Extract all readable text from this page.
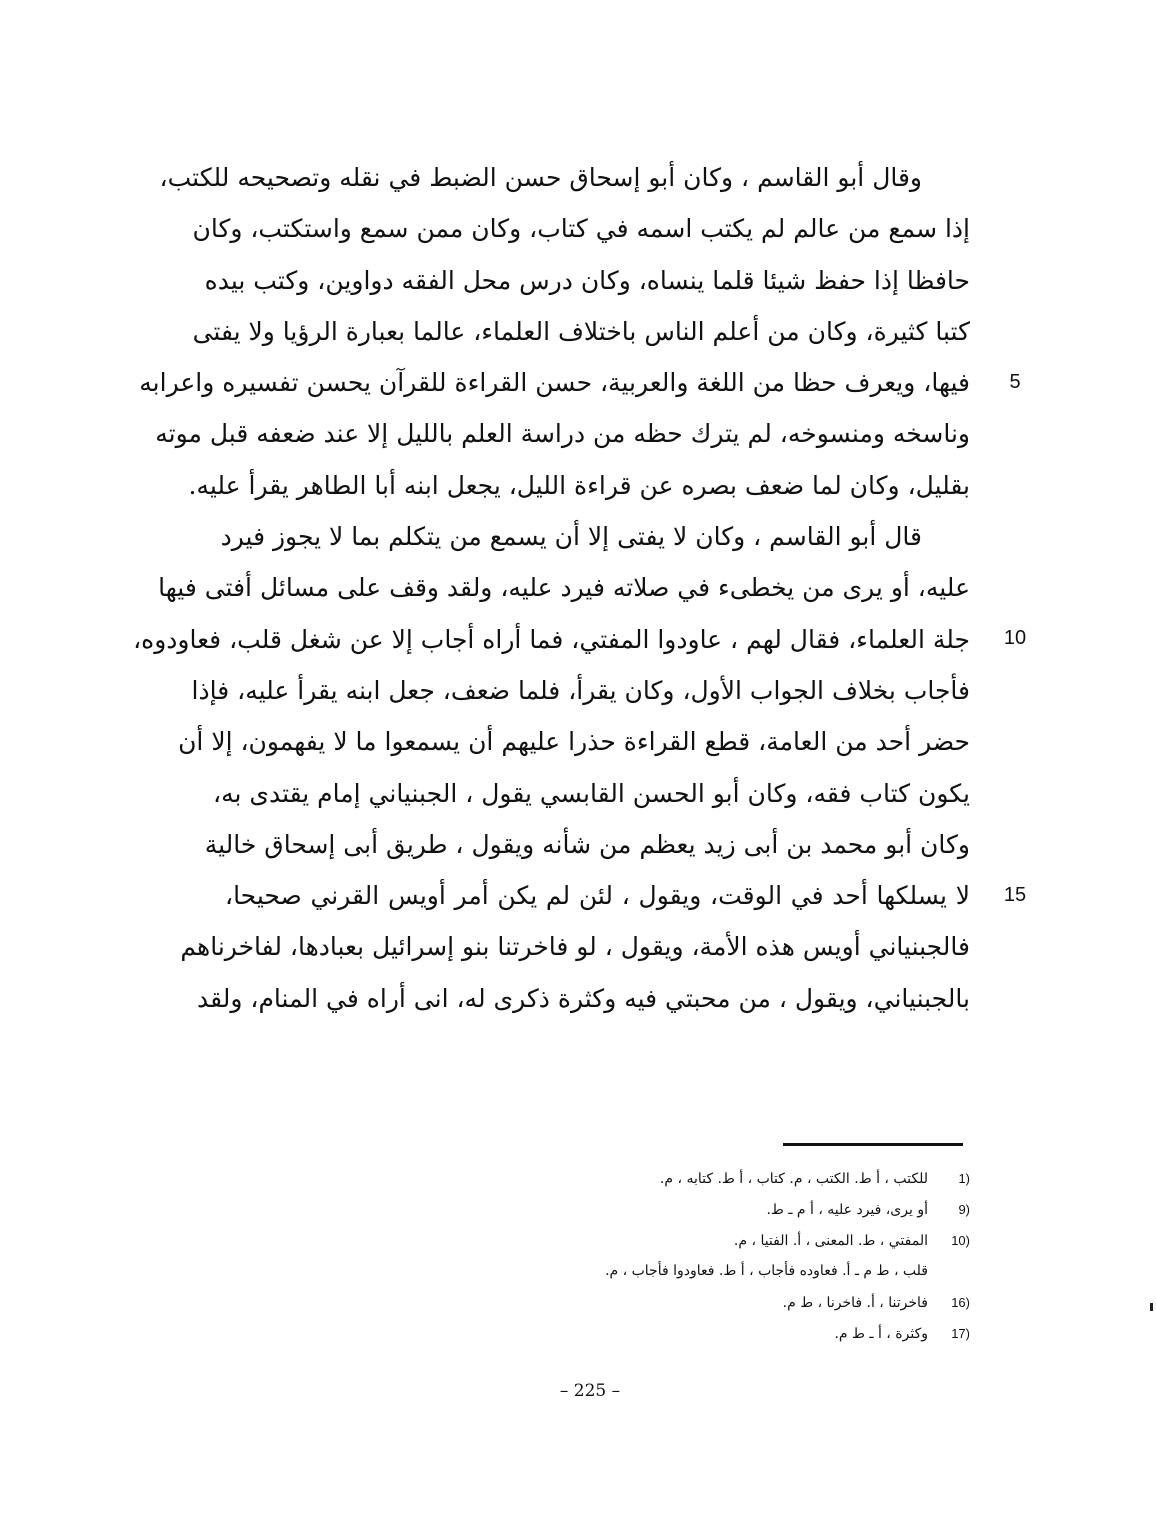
وقال أبو القاسم ، وكان أبو إسحاق حسن الضبط في نقله وتصحيحه للكتب،
إذا سمع من عالم لم يكتب اسمه في كتاب، وكان ممن سمع واستكتب، وكان
حافظا إذا حفظ شيئا قلما ينساه، وكان درس محل الفقه دواوين، وكتب بيده
كتبا كثيرة، وكان من أعلم الناس باختلاف العلماء، عالما بعبارة الرؤيا ولا يفتى
فيها، ويعرف حظا من اللغة والعربية، حسن القراءة للقرآن يحسن تفسيره واعرابه
وناسخه ومنسوخه، لم يترك حظه من دراسة العلم بالليل إلا عند ضعفه قبل موته
بقليل، وكان لما ضعف بصره عن قراءة الليل، يجعل ابنه أبا الطاهر يقرأ عليه.
قال أبو القاسم ، وكان لا يفتى إلا أن يسمع من يتكلم بما لا يجوز فيرد
عليه، أو يرى من يخطىء في صلاته فيرد عليه، ولقد وقف على مسائل أفتى فيها
جلة العلماء، فقال لهم ، عاودوا المفتي، فما أراه أجاب إلا عن شغل قلب، فعاودوه،
فأجاب بخلاف الجواب الأول، وكان يقرأ، فلما ضعف، جعل ابنه يقرأ عليه، فإذا
حضر أحد من العامة، قطع القراءة حذرا عليهم أن يسمعوا ما لا يفهمون، إلا أن
يكون كتاب فقه، وكان أبو الحسن القابسي يقول ، الجبنياني إمام يقتدى به،
وكان أبو محمد بن أبى زيد يعظم من شأنه ويقول ، طريق أبى إسحاق خالية
لا يسلكها أحد في الوقت، ويقول ، لئن لم يكن أمر أويس القرني صحيحا،
فالجبنياني أويس هذه الأمة، ويقول ، لو فاخرتنا بنو إسرائيل بعبادها، لفاخرناهم
بالجبنياني، ويقول ، من محبتي فيه وكثرة ذكرى له، انى أراه في المنام، ولقد
5
10
15
1)
للكتب ، أ ط. الكتب ، م. كتاب ، أ ط. كتابه ، م.
9)
أو يرى، فيرد عليه ، أ م ـ ط.
10)
المفتي ، ط. المعنى ، أ. الفتيا ، م.
قلب ، ط م ـ أ. فعاوده فأجاب ، أ ط. فعاودوا فأجاب ، م.
16)
فاخرتنا ، أ. فاخرنا ، ط م.
17)
وكثرة ، أ ـ ط م.
– 225 –
